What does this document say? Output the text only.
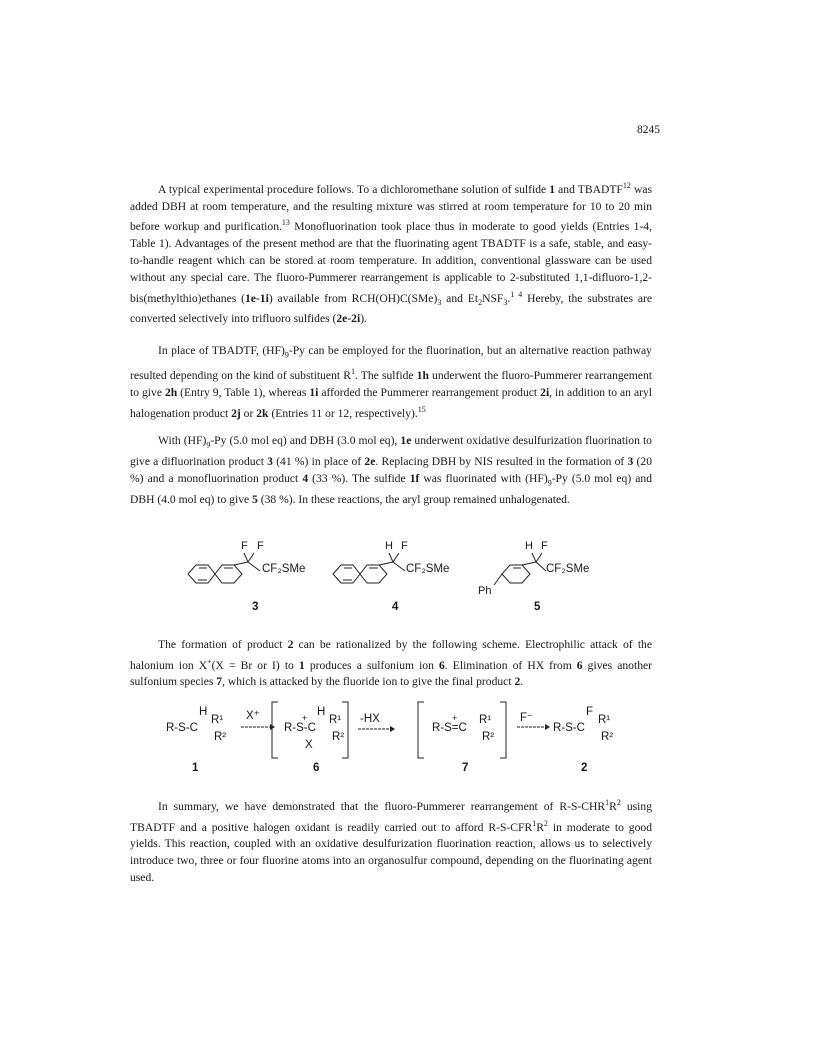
8245

A typical experimental procedure follows. To a dichloromethane solution of sulfide 1 and TBADTF$^{12}$ was added DBH at room temperature, and the resulting mixture was stirred at room temperature for 10 to 20 min before workup and purification.$^{13}$ Monofluorination took place thus in moderate to good yields (Entries 1-4, Table 1). Advantages of the present method are that the fluorinating agent TBADTF is a safe, stable, and easy-to-handle reagent which can be stored at room temperature. In addition, conventional glassware can be used without any special care. The fluoro-Pummerer rearrangement is applicable to 2-substituted 1,1-difluoro-1,2-bis(methylthio)ethanes (1e-1i) available from $RCH(OH)C(SMe)_3$ and $Et_2NSF_3.^{1 4}$ Hereby, the substrates are converted selectively into trifluoro sulfides (2e-2i).

In place of TBADTF, $(HF)_9-Py$ can be employed for the fluorination, but an alternative reaction pathway resulted depending on the kind of substituent $R^1$. The sulfide 1h underwent the fluoro-Pummerer rearrangement to give 2h (Entry 9, Table 1), whereas 1i afforded the Pummerer rearrangement product 2i, in addition to an aryl halogenation product 2j or 2k (Entries 11 or 12, respectively).$^{15}$

With $(HF)_9-Py$ (5.0 mol eq) and DBH (3.0 mol eq), 1e underwent oxidative desulfurization fluorination to give a difluorination product 3 (41 %) in place of 2e. Replacing DBH by NIS resulted in the formation of 3 (20 %) and a monofluorination product 4 (33 %). The sulfide 1f was fluorinated with $(HF)_9-Py$ (5.0 mol eq) and DBH (4.0 mol eq) to give 5 (38 %). In these reactions, the aryl group remained unhalogenated.

F F
CF₂SMe
3
H F
CF₂SMe
4
H F
CF₂SMe
Ph
5

The formation of product 2 can be rationalized by the following scheme. Electrophilic attack of the halonium ion X+(X = Br or I) to 1 produces a sulfonium ion 6. Elimination of HX from 6 gives another sulfonium species 7, which is attacked by the fluoride ion to give the final product 2.

H
R-S-C
R¹
R²
1
X⁺	H
+
R-S-C
R¹
R²
X
6
-HX	+
R-S=C
R¹
R²
7
F⁻	F
R-S-C
R¹
R²
2

In summary, we have demonstrated that the fluoro-Pummerer rearrangement of $R-S-CHR^1R^2$ using TBADTF and a positive halogen oxidant is readily carried out to afford $R-S-CFR^1R^2$ in moderate to good yields. This reaction, coupled with an oxidative desulfurization fluorination reaction, allows us to selectively introduce two, three or four fluorine atoms into an organosulfur compound, depending on the fluorinating agent used.
